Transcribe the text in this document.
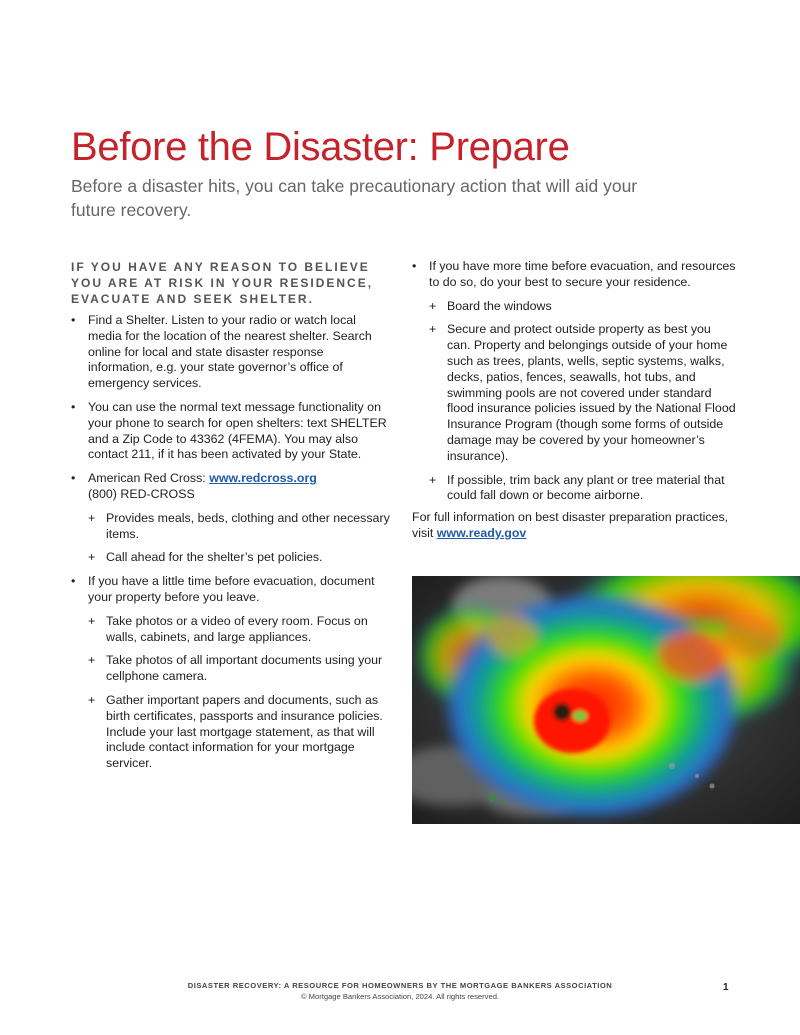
Before the Disaster: Prepare
Before a disaster hits, you can take precautionary action that will aid your future recovery.
IF YOU HAVE ANY REASON TO BELIEVE YOU ARE AT RISK IN YOUR RESIDENCE, EVACUATE AND SEEK SHELTER.
• Find a Shelter. Listen to your radio or watch local media for the location of the nearest shelter. Search online for local and state disaster response information, e.g. your state governor’s office of emergency services.
• You can use the normal text message functionality on your phone to search for open shelters: text SHELTER and a Zip Code to 43362 (4FEMA). You may also contact 211, if it has been activated by your State.
• American Red Cross: www.redcross.org
(800) RED-CROSS
+ Provides meals, beds, clothing and other necessary items.
+ Call ahead for the shelter’s pet policies.
• If you have a little time before evacuation, document your property before you leave.
+ Take photos or a video of every room. Focus on walls, cabinets, and large appliances.
+ Take photos of all important documents using your cellphone camera.
+ Gather important papers and documents, such as birth certificates, passports and insurance policies. Include your last mortgage statement, as that will include contact information for your mortgage servicer.
• If you have more time before evacuation, and resources to do so, do your best to secure your residence.
+ Board the windows
+ Secure and protect outside property as best you can. Property and belongings outside of your home such as trees, plants, wells, septic systems, walks, decks, patios, fences, seawalls, hot tubs, and swimming pools are not covered under standard flood insurance policies issued by the National Flood Insurance Program (though some forms of outside damage may be covered by your homeowner’s insurance).
+ If possible, trim back any plant or tree material that could fall down or become airborne.
For full information on best disaster preparation practices, visit www.ready.gov
DISASTER RECOVERY: A RESOURCE FOR HOMEOWNERS BY THE MORTGAGE BANKERS ASSOCIATION
© Mortgage Bankers Association, 2024. All rights reserved.
1
